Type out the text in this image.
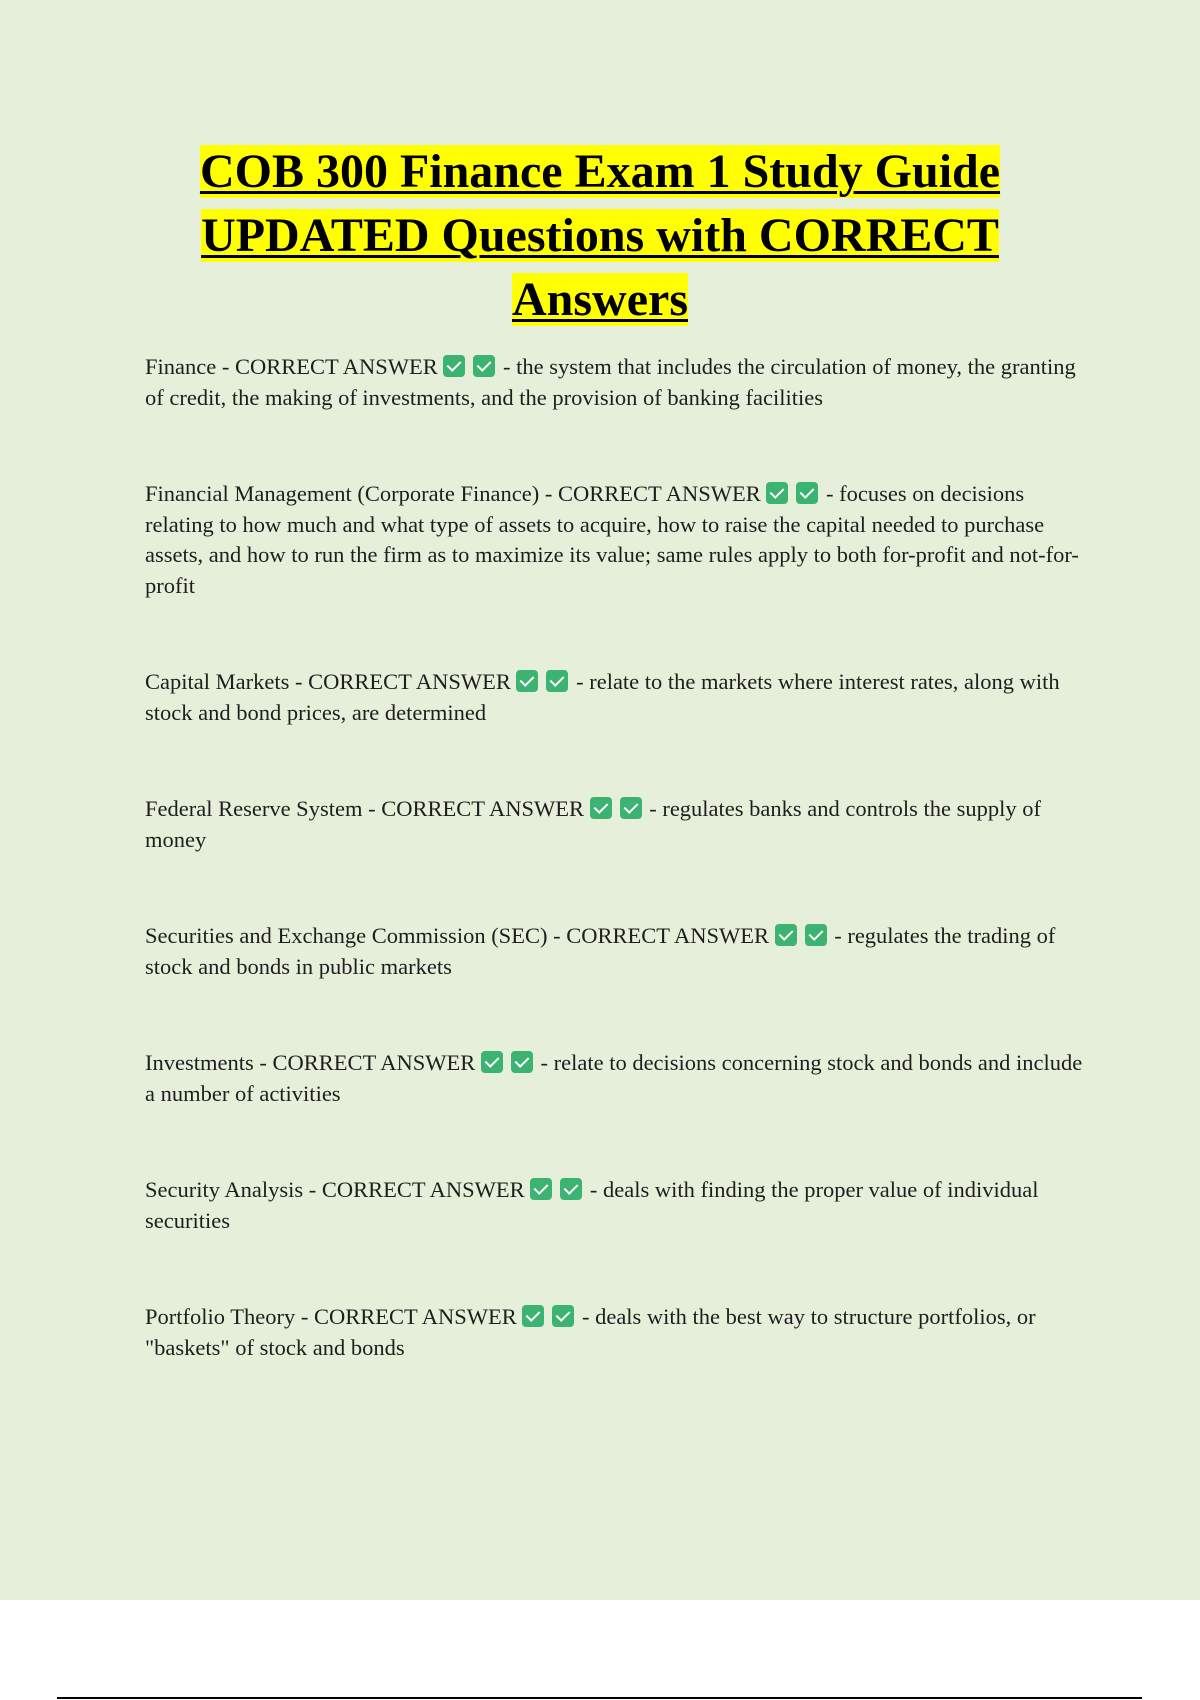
COB 300 Finance Exam 1 Study Guide
UPDATED Questions with CORRECT
Answers

Finance - CORRECT ANSWER	- the system that includes the circulation of money, the granting of credit, the making of investments, and the provision of banking facilities

Financial Management (Corporate Finance) - CORRECT ANSWER	- focuses on decisions relating to how much and what type of assets to acquire, how to raise the capital needed to purchase assets, and how to run the firm as to maximize its value; same rules apply to both for-profit and not-for-profit

Capital Markets - CORRECT ANSWER	- relate to the markets where interest rates, along with stock and bond prices, are determined

Federal Reserve System - CORRECT ANSWER	- regulates banks and controls the supply of money

Securities and Exchange Commission (SEC) - CORRECT ANSWER	- regulates the trading of stock and bonds in public markets

Investments - CORRECT ANSWER	- relate to decisions concerning stock and bonds and include a number of activities

Security Analysis - CORRECT ANSWER	- deals with finding the proper value of individual securities

Portfolio Theory - CORRECT ANSWER	- deals with the best way to structure portfolios, or "baskets" of stock and bonds
